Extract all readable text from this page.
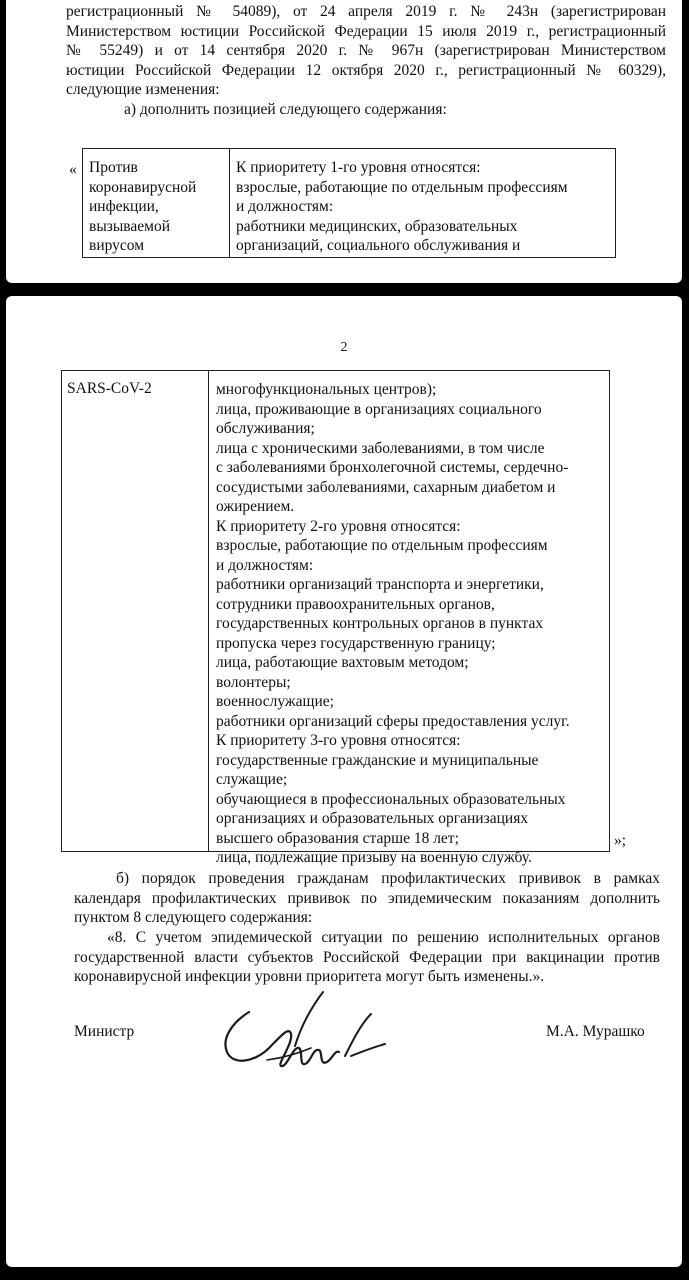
регистрационный № 54089), от 24 апреля 2019 г. № 243н (зарегистрирован
Министерством юстиции Российской Федерации 15 июля 2019 г., регистрационный
№ 55249) и от 14 сентября 2020 г. № 967н (зарегистрирован Министерством
юстиции Российской Федерации 12 октября 2020 г., регистрационный № 60329),
следующие изменения:
а) дополнить позицией следующего содержания:
« Против
коронавирусной
инфекции,
вызываемой
вирусом
К приоритету 1-го уровня относятся:
взрослые, работающие по отдельным профессиям
и должностям:
работники медицинских, образовательных
организаций, социального обслуживания и
2
SARS-CoV-2	многофункциональных центров);
лица, проживающие в организациях социального
обслуживания;
лица с хроническими заболеваниями, в том числе
с заболеваниями бронхолегочной системы, сердечно-
сосудистыми заболеваниями, сахарным диабетом и
ожирением.
К приоритету 2-го уровня относятся:
взрослые, работающие по отдельным профессиям
и должностям:
работники организаций транспорта и энергетики,
сотрудники правоохранительных органов,
государственных контрольных органов в пунктах
пропуска через государственную границу;
лица, работающие вахтовым методом;
волонтеры;
военнослужащие;
работники организаций сферы предоставления услуг.
К приоритету 3-го уровня относятся:
государственные гражданские и муниципальные
служащие;
обучающиеся в профессиональных образовательных
организациях и образовательных организациях
высшего образования старше 18 лет;
лица, подлежащие призыву на военную службу.
»;
б) порядок проведения гражданам профилактических прививок в рамках
календаря профилактических прививок по эпидемическим показаниям дополнить
пунктом 8 следующего содержания:
«8. С учетом эпидемической ситуации по решению исполнительных органов
государственной власти субъектов Российской Федерации при вакцинации против
коронавирусной инфекции уровни приоритета могут быть изменены.».
Министр	М.А. Мурашко
